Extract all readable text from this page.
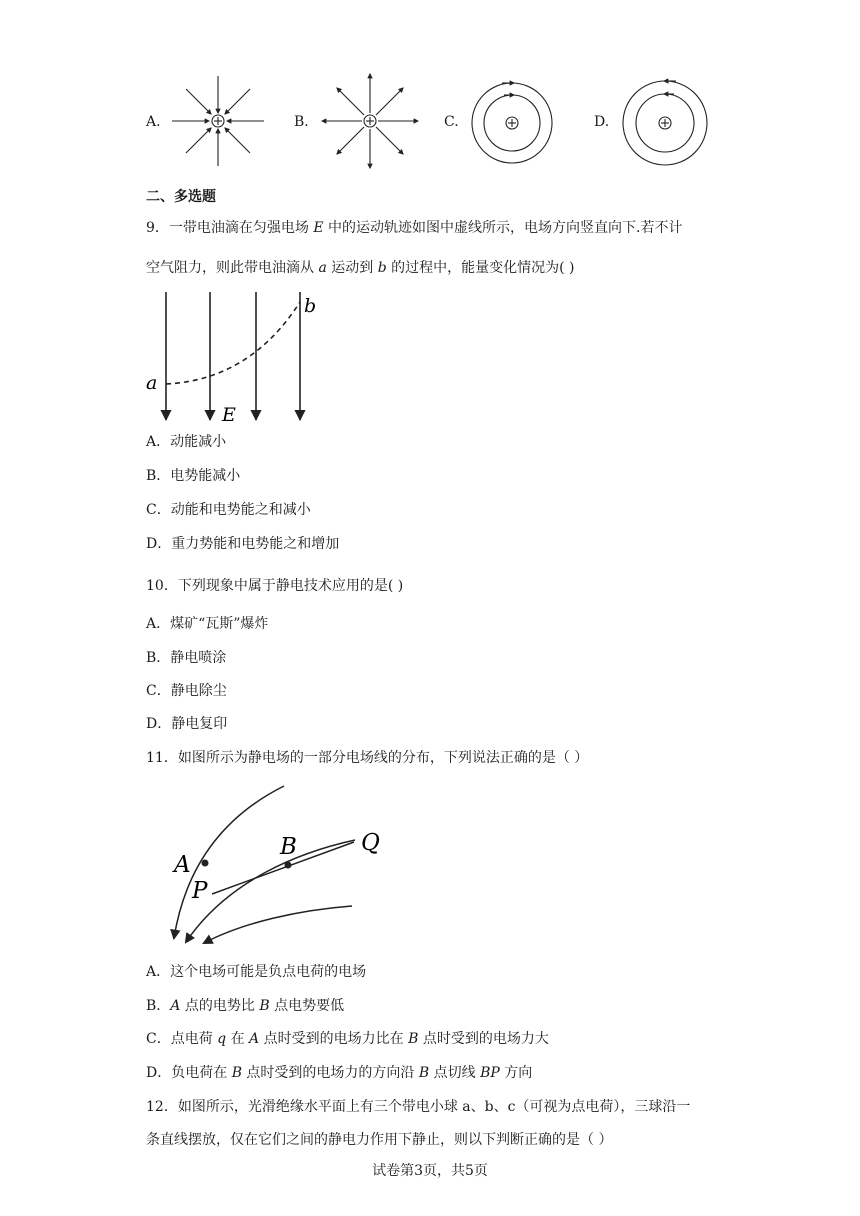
A.	B.	C.	D.
二、多选题
9．一带电油滴在匀强电场 E 中的运动轨迹如图中虚线所示，电场方向竖直向下.若不计
空气阻力，则此带电油滴从 a 运动到 b 的过程中，能量变化情况为( )
a
b
E
A．动能减小
B．电势能减小
C．动能和电势能之和减小
D．重力势能和电势能之和增加
10．下列现象中属于静电技术应用的是( )
A．煤矿“瓦斯”爆炸
B．静电喷涂
C．静电除尘
D．静电复印
11．如图所示为静电场的一部分电场线的分布，下列说法正确的是（ ）
A
B
P
Q
A．这个电场可能是负点电荷的电场
B．A 点的电势比 B 点电势要低
C．点电荷 q 在 A 点时受到的电场力比在 B 点时受到的电场力大
D．负电荷在 B 点时受到的电场力的方向沿 B 点切线 BP 方向
12．如图所示，光滑绝缘水平面上有三个带电小球 a、b、c（可视为点电荷），三球沿一
条直线摆放，仅在它们之间的静电力作用下静止，则以下判断正确的是（ ）
试卷第3页，共5页
